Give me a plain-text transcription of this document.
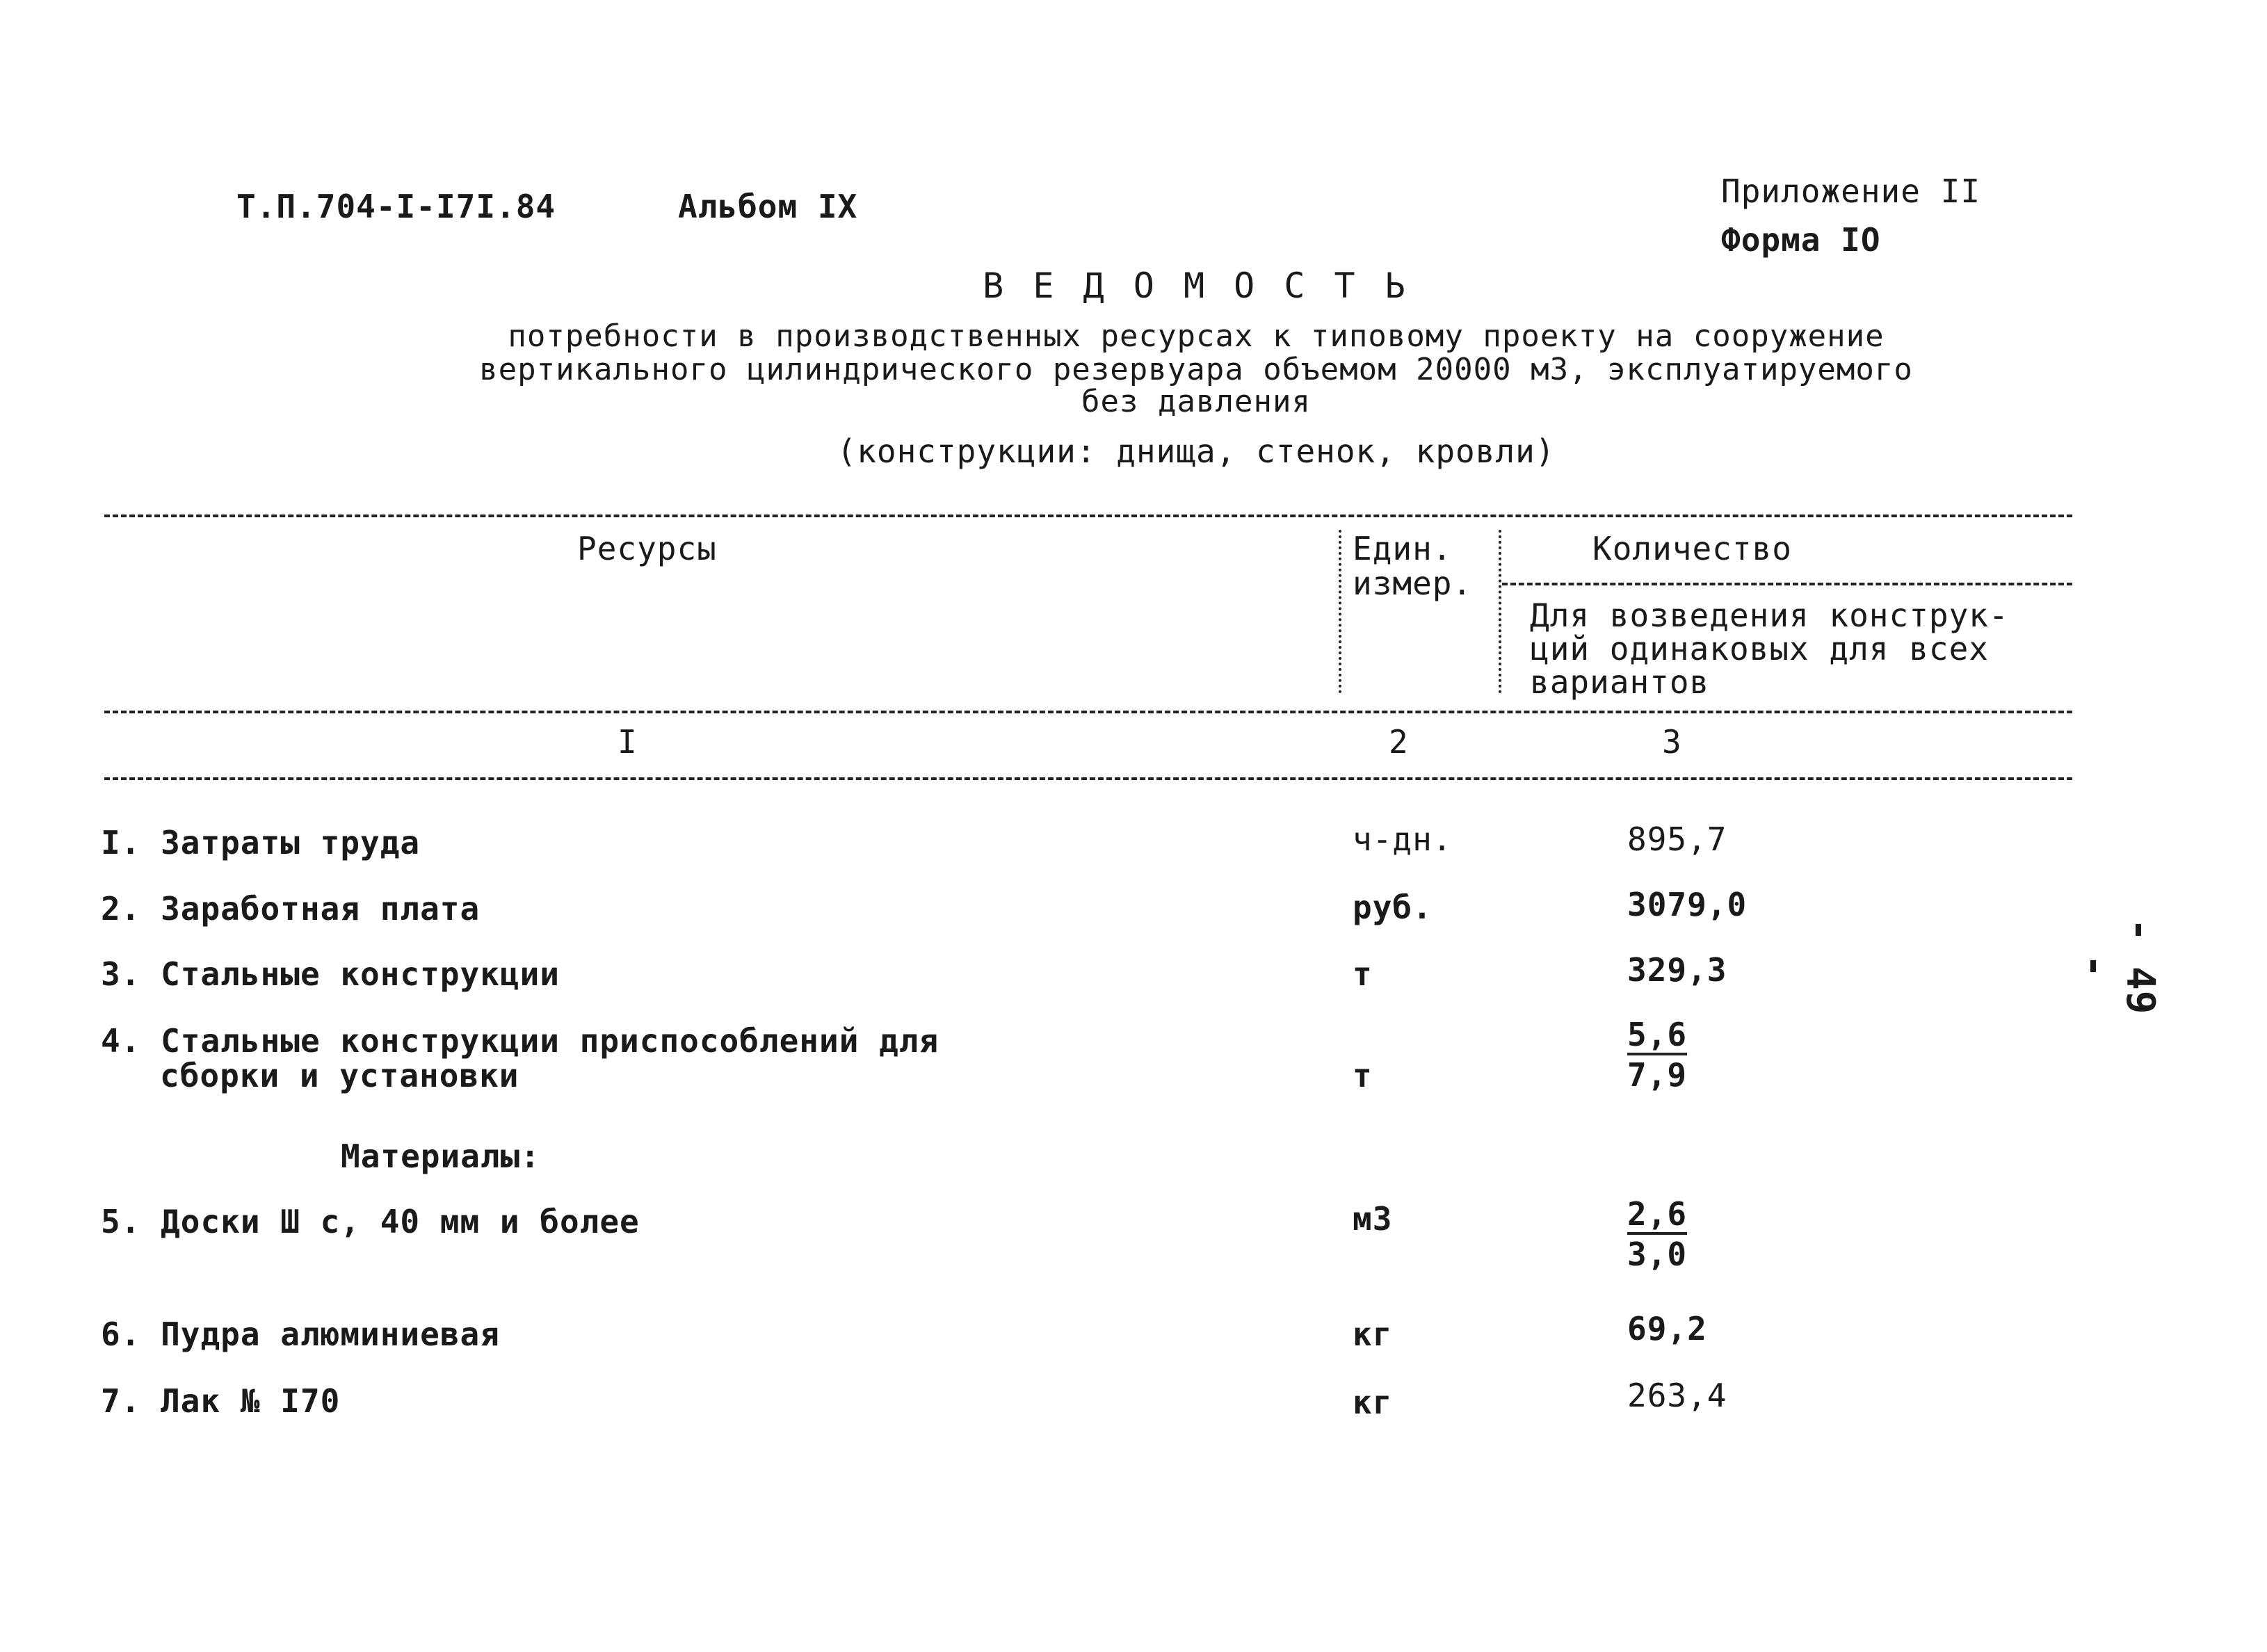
Т.П.704-I-I7I.84	Альбом IX	Приложение II
Форма IO
В Е Д О М О С Т Ь
потребности в производственных ресурсах к типовому проекту на сооружение
вертикального цилиндрического резервуара объемом 20000 м3, эксплуатируемого
без давления
(конструкции: днища, стенок, кровли)
Ресурсы	Един.
измер.
Количество
Для возведения конструк-
ций одинаковых для всех
вариантов
I	2	3
I. Затраты труда	ч-дн.	895,7
2. Заработная плата	руб.	3079,0
3. Стальные конструкции	т	329,3
4. Стальные конструкции приспособлений для
сборки и установки	т	$\frac{5,6}{7,9}$
Материалы:
5. Доски Ш с, 40 мм и более	м3	$\frac{2,6}{3,0}$
6. Пудра алюминиевая	кг	69,2
7. Лак № I70	кг	263,4
- 49 -
